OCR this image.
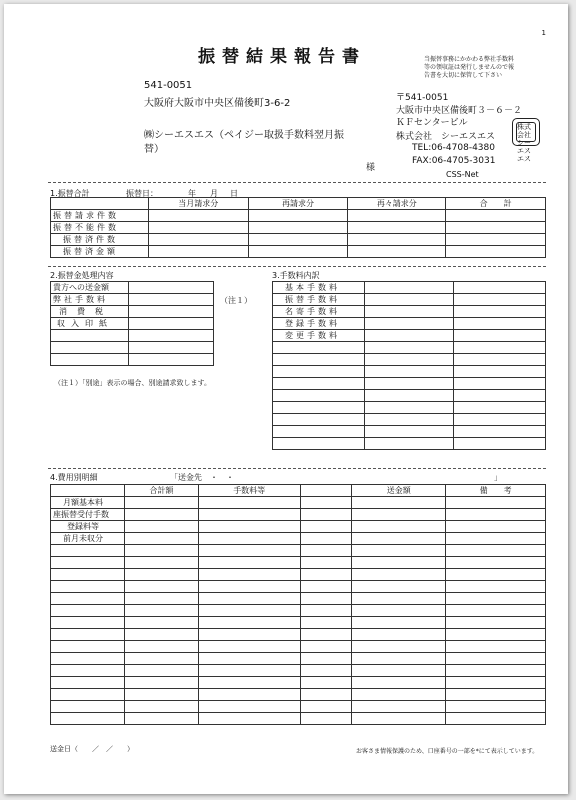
1
振替結果報告書	当振替事務にかかわる弊社手数料
等の領収証は発行しませんので報
告書を大切に保管して下さい
541-0051
大阪府大阪市中央区備後町3-6-2
㈱シーエスエス（ペイジー取扱手数料翌月振
替）
様
〒541-0051
大阪市中央区備後町３－６－２
ＫＦセンタービル
株式会社　シーエスエス
TEL:06-4708-4380
FAX:06-4705-3031
CSS-Net
株式会社シーエスエス
1.振替合計	振替日：	年 月 日
	当月請求分	再請求分	再々請求分	合　　計
振替請求件数				
振替不能件数				
振替済件数				
振替済金額				
2.振替金処理内容
貴方への送金額	
弊社手数料	
消費税	
収入印紙	

（注１）
（注１）「別途」表示の場合、別途請求致します。
3.手数料内訳
基本手数料		
振替手数料		
名寄手数料		
登録手数料		
変更手数料		

4.費用別明細	「送金先　・　・	」
	合計額	手数料等		送金額	備　　考
月額基本料					
座振替受付手数					
登録料等					
前月未収分					

送金日（　　／　／　　）	お客さま情報保護のため、口座番号の一部を*にて表示しています。
